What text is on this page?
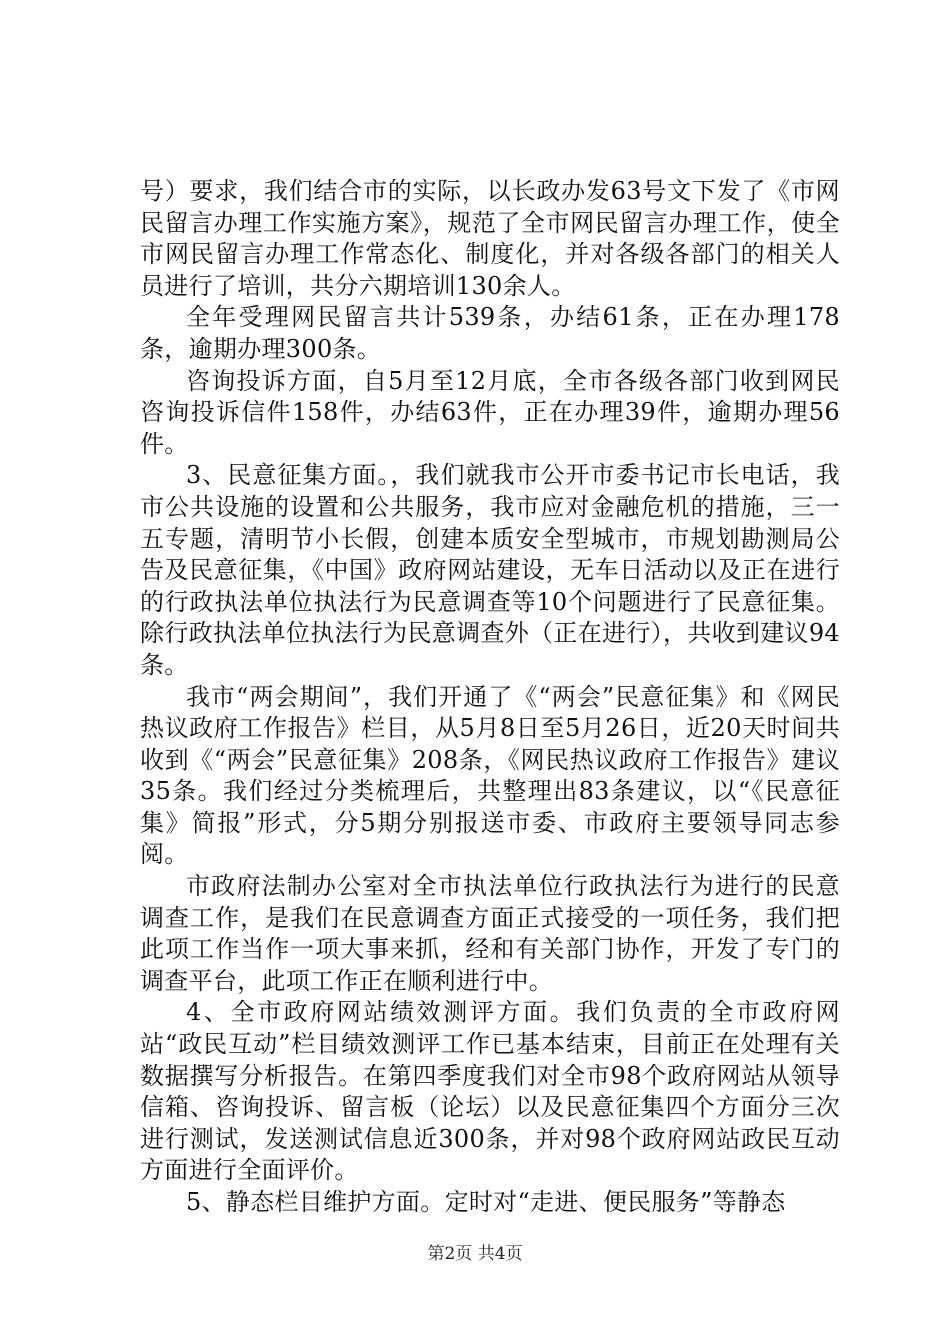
号）要求，我们结合市的实际，以长政办发63号文下发了《市网民留言办理工作实施方案》，规范了全市网民留言办理工作，使全市网民留言办理工作常态化、制度化，并对各级各部门的相关人员进行了培训，共分六期培训130余人。

全年受理网民留言共计539条，办结61条，正在办理178条，逾期办理300条。

咨询投诉方面，自5月至12月底，全市各级各部门收到网民咨询投诉信件158件，办结63件，正在办理39件，逾期办理56件。

3、民意征集方面。，我们就我市公开市委书记市长电话，我市公共设施的设置和公共服务，我市应对金融危机的措施，三一五专题，清明节小长假，创建本质安全型城市，市规划勘测局公告及民意征集，《中国》政府网站建设，无车日活动以及正在进行的行政执法单位执法行为民意调查等10个问题进行了民意征集。除行政执法单位执法行为民意调查外（正在进行），共收到建议94条。

我市“两会期间”，我们开通了《“两会”民意征集》和《网民热议政府工作报告》栏目，从5月8日至5月26日，近20天时间共收到《“两会”民意征集》208条，《网民热议政府工作报告》建议35条。我们经过分类梳理后，共整理出83条建议，以“《民意征集》简报”形式，分5期分别报送市委、市政府主要领导同志参阅。

市政府法制办公室对全市执法单位行政执法行为进行的民意调查工作，是我们在民意调查方面正式接受的一项任务，我们把此项工作当作一项大事来抓，经和有关部门协作，开发了专门的调查平台，此项工作正在顺利进行中。

4、全市政府网站绩效测评方面。我们负责的全市政府网站“政民互动”栏目绩效测评工作已基本结束，目前正在处理有关数据撰写分析报告。在第四季度我们对全市98个政府网站从领导信箱、咨询投诉、留言板（论坛）以及民意征集四个方面分三次进行测试，发送测试信息近300条，并对98个政府网站政民互动方面进行全面评价。

5、静态栏目维护方面。定时对“走进、便民服务”等静态

第2页 共4页
